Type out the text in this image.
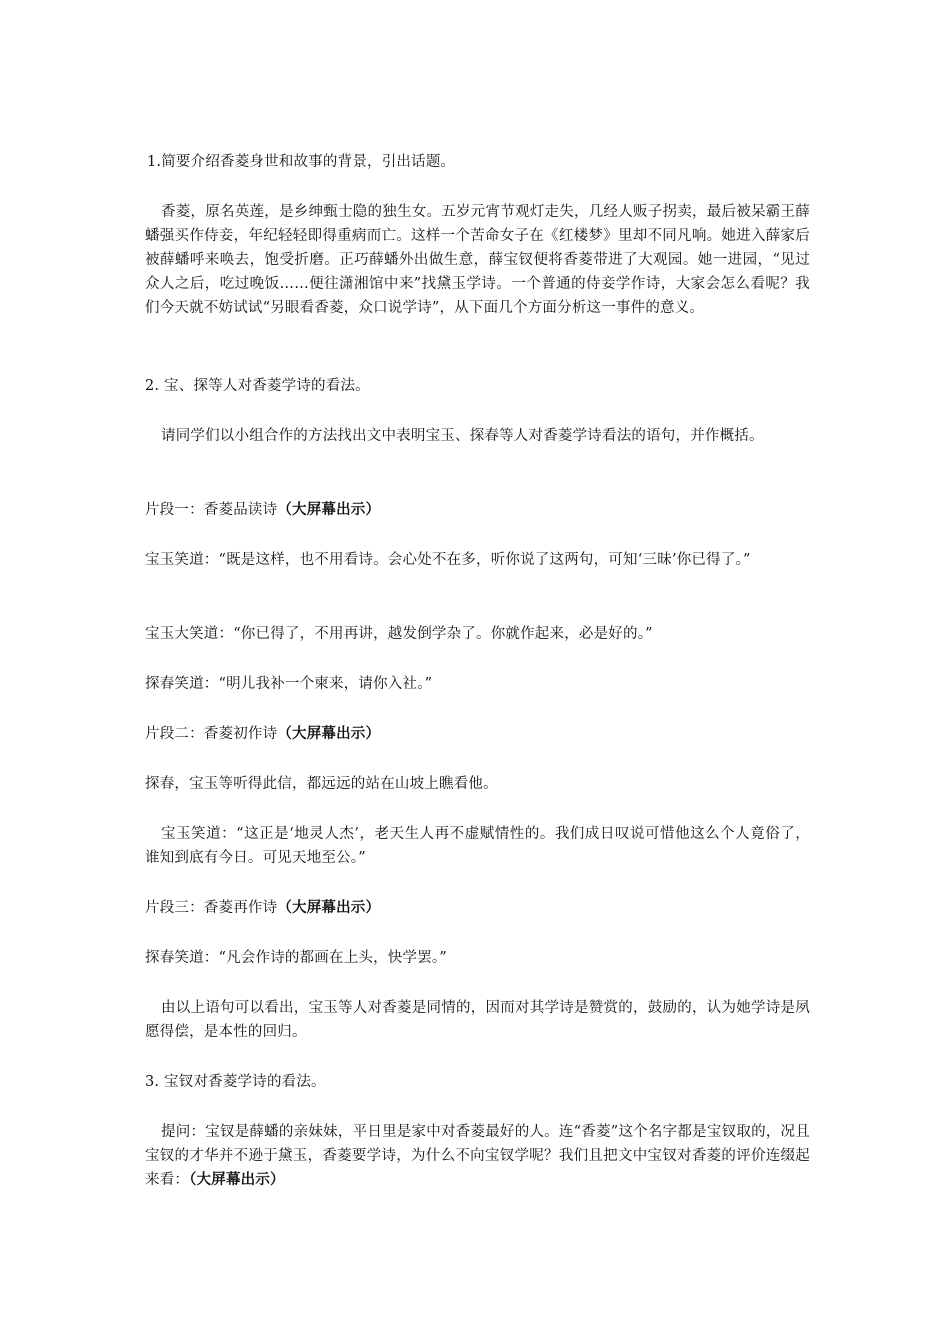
1.简要介绍香菱身世和故事的背景，引出话题。

香菱，原名英莲，是乡绅甄士隐的独生女。五岁元宵节观灯走失，几经人贩子拐卖，最后被呆霸王薛蟠强买作侍妾，年纪轻轻即得重病而亡。这样一个苦命女子在《红楼梦》里却不同凡响。她进入薛家后被薛蟠呼来唤去，饱受折磨。正巧薛蟠外出做生意，薛宝钗便将香菱带进了大观园。她一进园，“见过众人之后，吃过晚饭……便往潇湘馆中来”找黛玉学诗。一个普通的侍妾学作诗，大家会怎么看呢？我们今天就不妨试试“另眼看香菱，众口说学诗”，从下面几个方面分析这一事件的意义。

2. 宝、探等人对香菱学诗的看法。

请同学们以小组合作的方法找出文中表明宝玉、探春等人对香菱学诗看法的语句，并作概括。

片段一：香菱品读诗（大屏幕出示）

宝玉笑道：“既是这样，也不用看诗。会心处不在多，听你说了这两句，可知‘三昧’你已得了。”

宝玉大笑道：“你已得了，不用再讲，越发倒学杂了。你就作起来，必是好的。”

探春笑道：“明儿我补一个柬来，请你入社。”

片段二：香菱初作诗（大屏幕出示）

探春，宝玉等听得此信，都远远的站在山坡上瞧看他。

宝玉笑道：“这正是‘地灵人杰’，老天生人再不虚赋情性的。我们成日叹说可惜他这么个人竟俗了，谁知到底有今日。可见天地至公。”

片段三：香菱再作诗（大屏幕出示）

探春笑道：“凡会作诗的都画在上头，快学罢。”

由以上语句可以看出，宝玉等人对香菱是同情的，因而对其学诗是赞赏的，鼓励的，认为她学诗是夙愿得偿，是本性的回归。

3. 宝钗对香菱学诗的看法。

提问：宝钗是薛蟠的亲妹妹，平日里是家中对香菱最好的人。连“香菱”这个名字都是宝钗取的，况且宝钗的才华并不逊于黛玉，香菱要学诗，为什么不向宝钗学呢？我们且把文中宝钗对香菱的评价连缀起来看：（大屏幕出示）
